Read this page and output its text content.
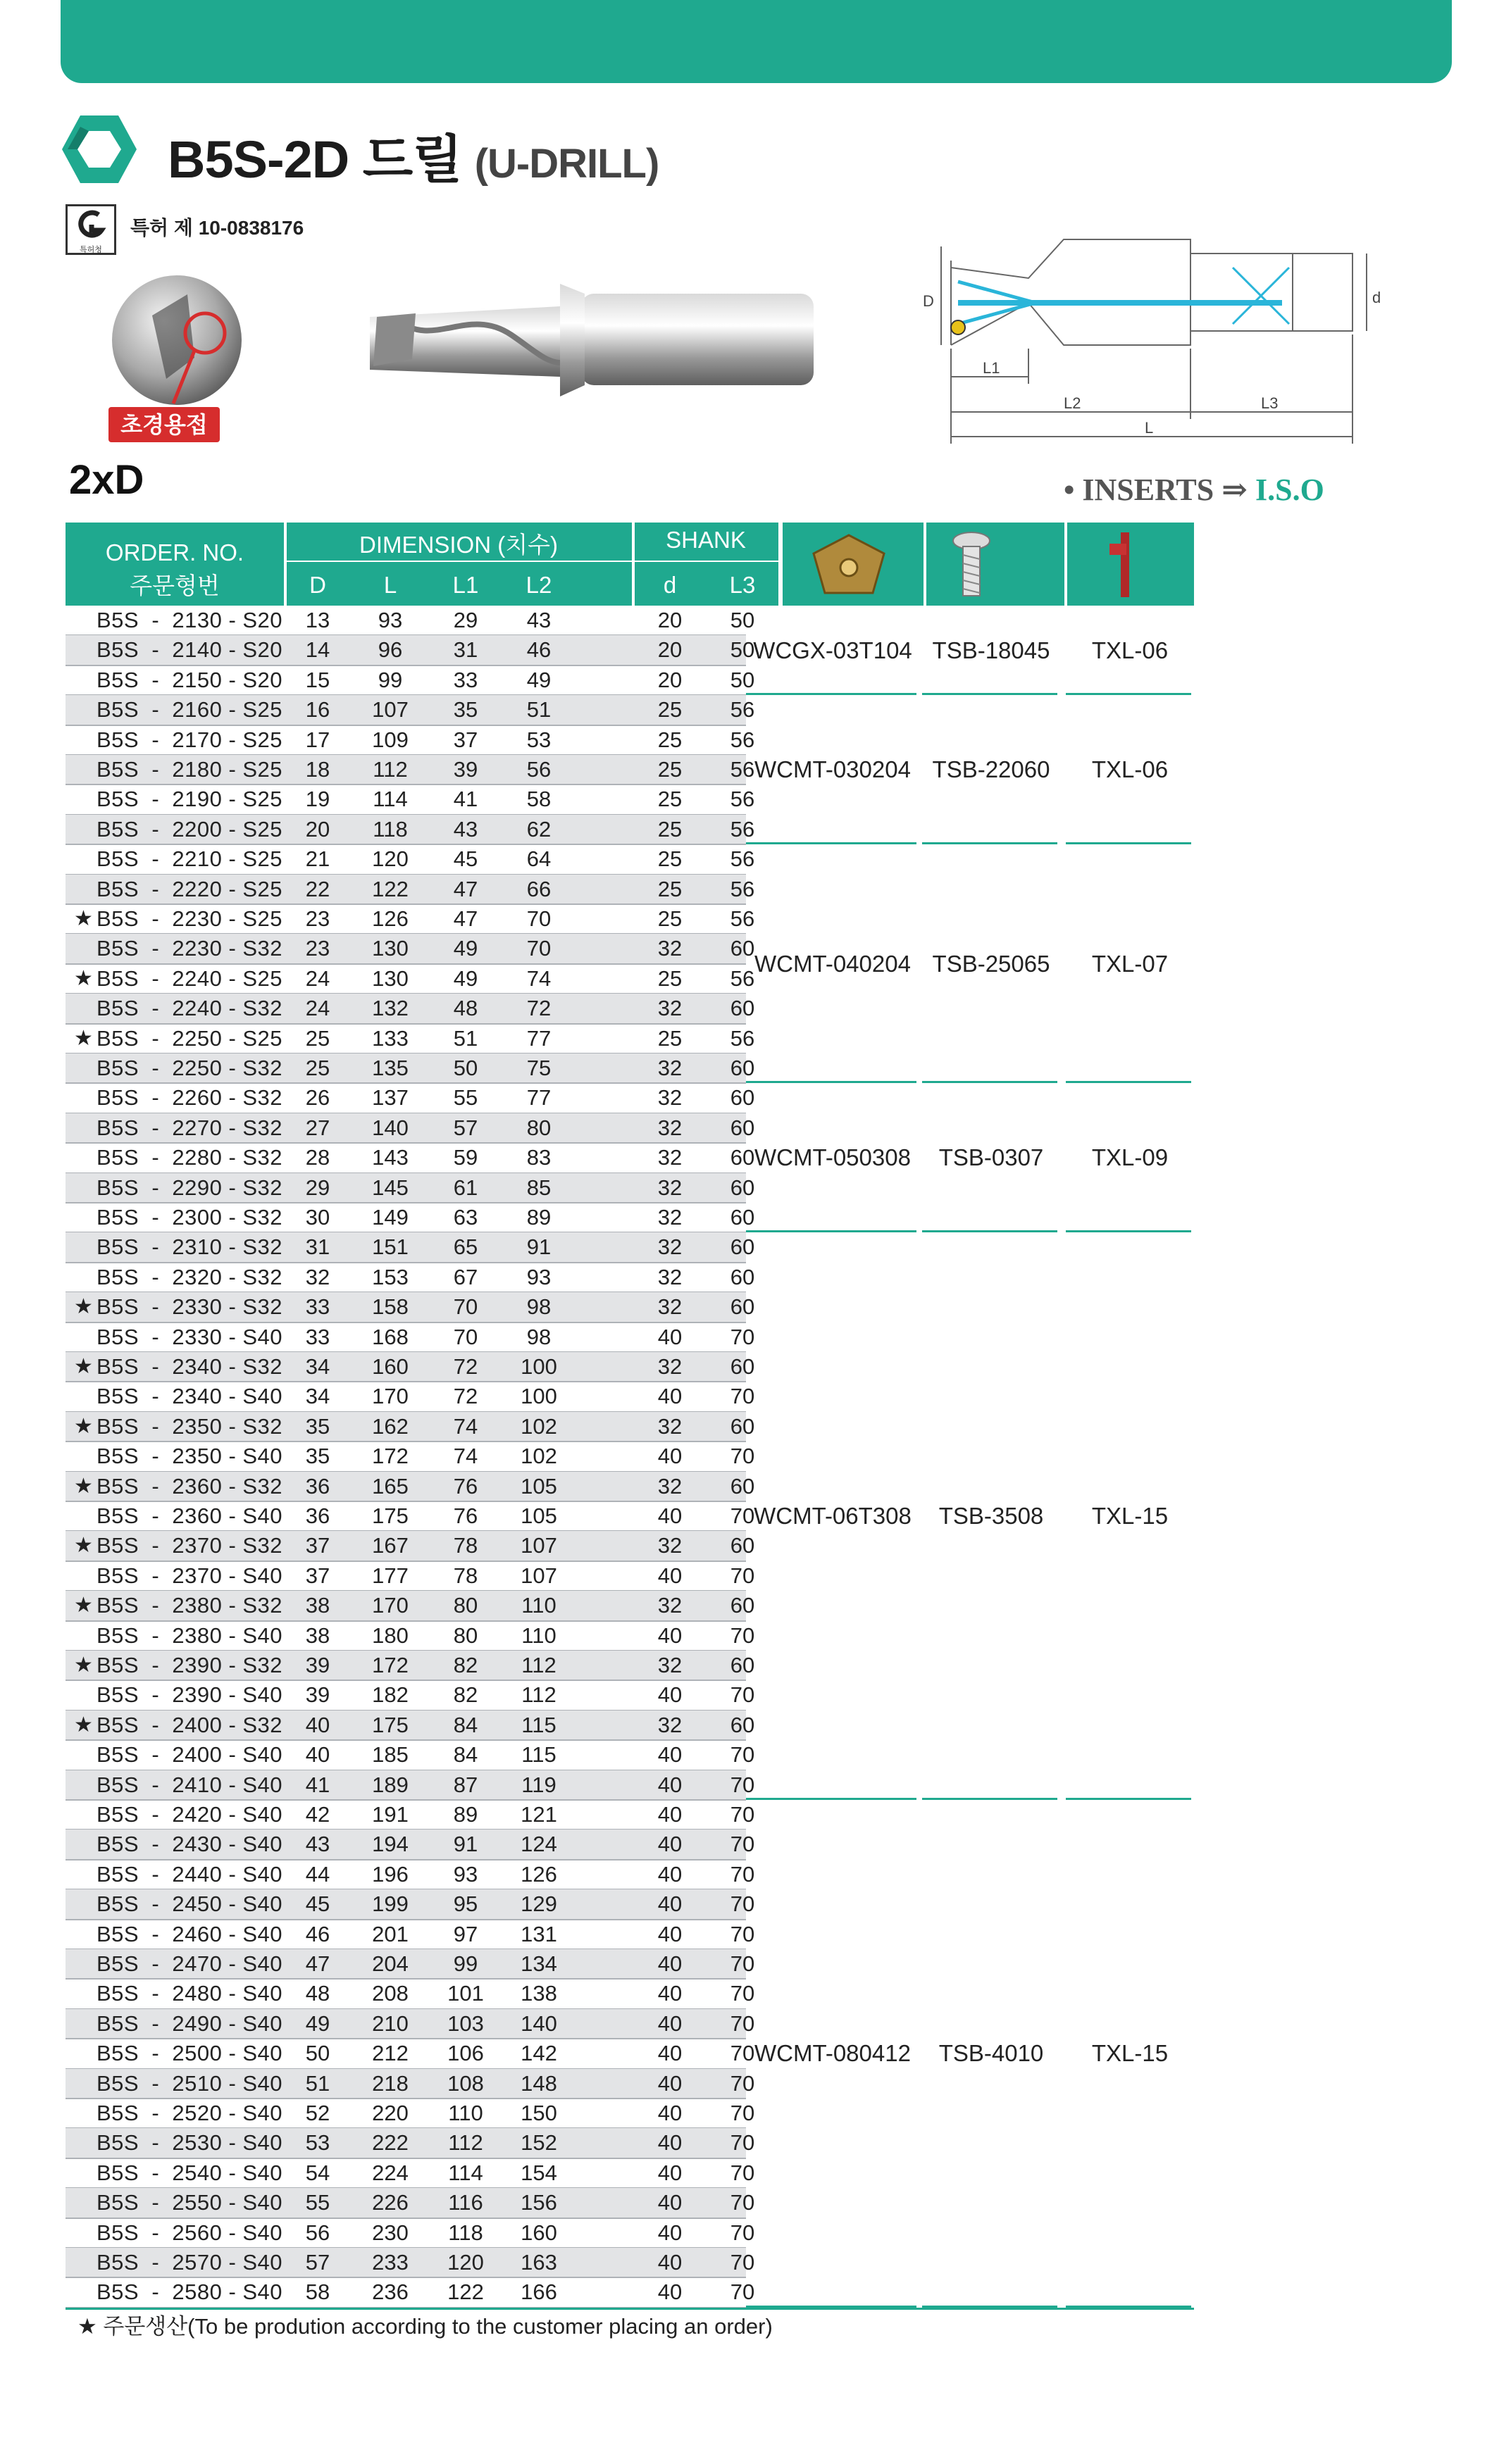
B5S-2D 드릴 (U-DRILL)
특허청
특허 제 10-0838176
초경용접
D	d
L1
L2	L3
L
2xD	• INSERTS ⇒ I.S.O
ORDER. NO.
주문형번
DIMENSION (치수)	SHANK
D	L	L1	L2	d	L3
B5S  -  2130 - S20	13	93	29	43	20	50
B5S  -  2140 - S20	14	96	31	46	20	50
B5S  -  2150 - S20	15	99	33	49	20	50
B5S  -  2160 - S25	16	107	35	51	25	56
B5S  -  2170 - S25	17	109	37	53	25	56
B5S  -  2180 - S25	18	112	39	56	25	56
B5S  -  2190 - S25	19	114	41	58	25	56
B5S  -  2200 - S25	20	118	43	62	25	56
B5S  -  2210 - S25	21	120	45	64	25	56
B5S  -  2220 - S25	22	122	47	66	25	56
★ B5S  -  2230 - S25	23	126	47	70	25	56
B5S  -  2230 - S32	23	130	49	70	32	60
★ B5S  -  2240 - S25	24	130	49	74	25	56
B5S  -  2240 - S32	24	132	48	72	32	60
★ B5S  -  2250 - S25	25	133	51	77	25	56
B5S  -  2250 - S32	25	135	50	75	32	60
B5S  -  2260 - S32	26	137	55	77	32	60
B5S  -  2270 - S32	27	140	57	80	32	60
B5S  -  2280 - S32	28	143	59	83	32	60
B5S  -  2290 - S32	29	145	61	85	32	60
B5S  -  2300 - S32	30	149	63	89	32	60
B5S  -  2310 - S32	31	151	65	91	32	60
B5S  -  2320 - S32	32	153	67	93	32	60
★ B5S  -  2330 - S32	33	158	70	98	32	60
B5S  -  2330 - S40	33	168	70	98	40	70
★ B5S  -  2340 - S32	34	160	72	100	32	60
B5S  -  2340 - S40	34	170	72	100	40	70
★ B5S  -  2350 - S32	35	162	74	102	32	60
B5S  -  2350 - S40	35	172	74	102	40	70
★ B5S  -  2360 - S32	36	165	76	105	32	60
B5S  -  2360 - S40	36	175	76	105	40	70
★ B5S  -  2370 - S32	37	167	78	107	32	60
B5S  -  2370 - S40	37	177	78	107	40	70
★ B5S  -  2380 - S32	38	170	80	110	32	60
B5S  -  2380 - S40	38	180	80	110	40	70
★ B5S  -  2390 - S32	39	172	82	112	32	60
B5S  -  2390 - S40	39	182	82	112	40	70
★ B5S  -  2400 - S32	40	175	84	115	32	60
B5S  -  2400 - S40	40	185	84	115	40	70
B5S  -  2410 - S40	41	189	87	119	40	70
B5S  -  2420 - S40	42	191	89	121	40	70
B5S  -  2430 - S40	43	194	91	124	40	70
B5S  -  2440 - S40	44	196	93	126	40	70
B5S  -  2450 - S40	45	199	95	129	40	70
B5S  -  2460 - S40	46	201	97	131	40	70
B5S  -  2470 - S40	47	204	99	134	40	70
B5S  -  2480 - S40	48	208	101	138	40	70
B5S  -  2490 - S40	49	210	103	140	40	70
B5S  -  2500 - S40	50	212	106	142	40	70
B5S  -  2510 - S40	51	218	108	148	40	70
B5S  -  2520 - S40	52	220	110	150	40	70
B5S  -  2530 - S40	53	222	112	152	40	70
B5S  -  2540 - S40	54	224	114	154	40	70
B5S  -  2550 - S40	55	226	116	156	40	70
B5S  -  2560 - S40	56	230	118	160	40	70
B5S  -  2570 - S40	57	233	120	163	40	70
B5S  -  2580 - S40	58	236	122	166	40	70
WCGX-03T104 TSB-18045	TXL-06
WCMT-030204 TSB-22060	TXL-06
WCMT-040204 TSB-25065	TXL-07
WCMT-050308	TSB-0307	TXL-09
WCMT-06T308	TSB-3508	TXL-15
WCMT-080412	TSB-4010	TXL-15
★ 주문생산(To be prodution according to the customer placing an order)
